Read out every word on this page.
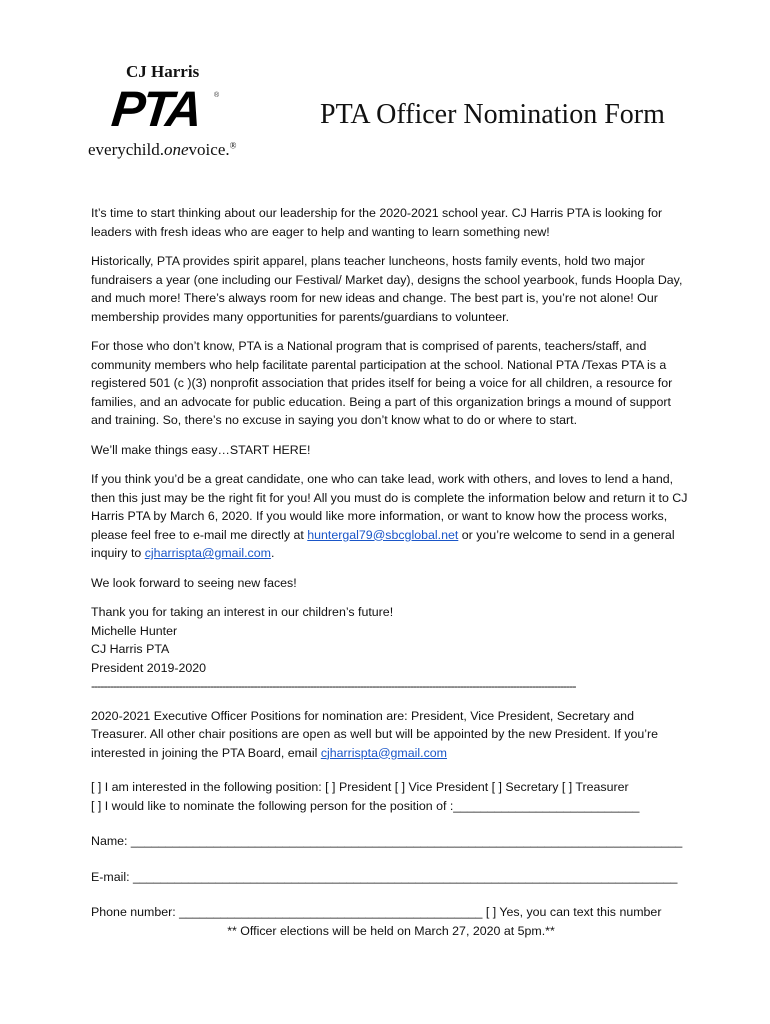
CJ Harris
PTA ®
everychild.onevoice.®
PTA Officer Nomination Form

It’s time to start thinking about our leadership for the 2020-2021 school year. CJ Harris PTA is looking for leaders with fresh ideas who are eager to help and wanting to learn something new!

Historically, PTA provides spirit apparel, plans teacher luncheons, hosts family events, hold two major fundraisers a year (one including our Festival/ Market day), designs the school yearbook, funds Hoopla Day, and much more! There’s always room for new ideas and change. The best part is, you’re not alone! Our membership provides many opportunities for parents/guardians to volunteer.

For those who don’t know, PTA is a National program that is comprised of parents, teachers/staff, and community members who help facilitate parental participation at the school. National PTA /Texas PTA is a registered 501 (c )(3) nonprofit association that prides itself for being a voice for all children, a resource for families, and an advocate for public education. Being a part of this organization brings a mound of support and training. So, there’s no excuse in saying you don’t know what to do or where to start.

We’ll make things easy…START HERE!

If you think you’d be a great candidate, one who can take lead, work with others, and loves to lend a hand, then this just may be the right fit for you! All you must do is complete the information below and return it to CJ Harris PTA by March 6, 2020. If you would like more information, or want to know how the process works, please feel free to e-mail me directly at huntergal79@sbcglobal.net or you’re welcome to send in a general inquiry to cjharrispta@gmail.com.

We look forward to seeing new faces!

Thank you for taking an interest in our children’s future!

Michelle Hunter

CJ Harris PTA

President 2019-2020

-----------------------------------------------------------------------------------------------------------------------------------------------------------

2020-2021 Executive Officer Positions for nomination are: President, Vice President, Secretary and Treasurer. All other chair positions are open as well but will be appointed by the new President. If you’re interested in joining the PTA Board, email cjharrispta@gmail.com

[ ] I am interested in the following position: [ ] President [ ] Vice President [ ] Secretary [ ] Treasurer

[ ] I would like to nominate the following person for the position of :___________________________

Name: ________________________________________________________________________________

E-mail: _______________________________________________________________________________

Phone number: ____________________________________________ [ ] Yes, you can text this number

** Officer elections will be held on March 27, 2020 at 5pm.**
